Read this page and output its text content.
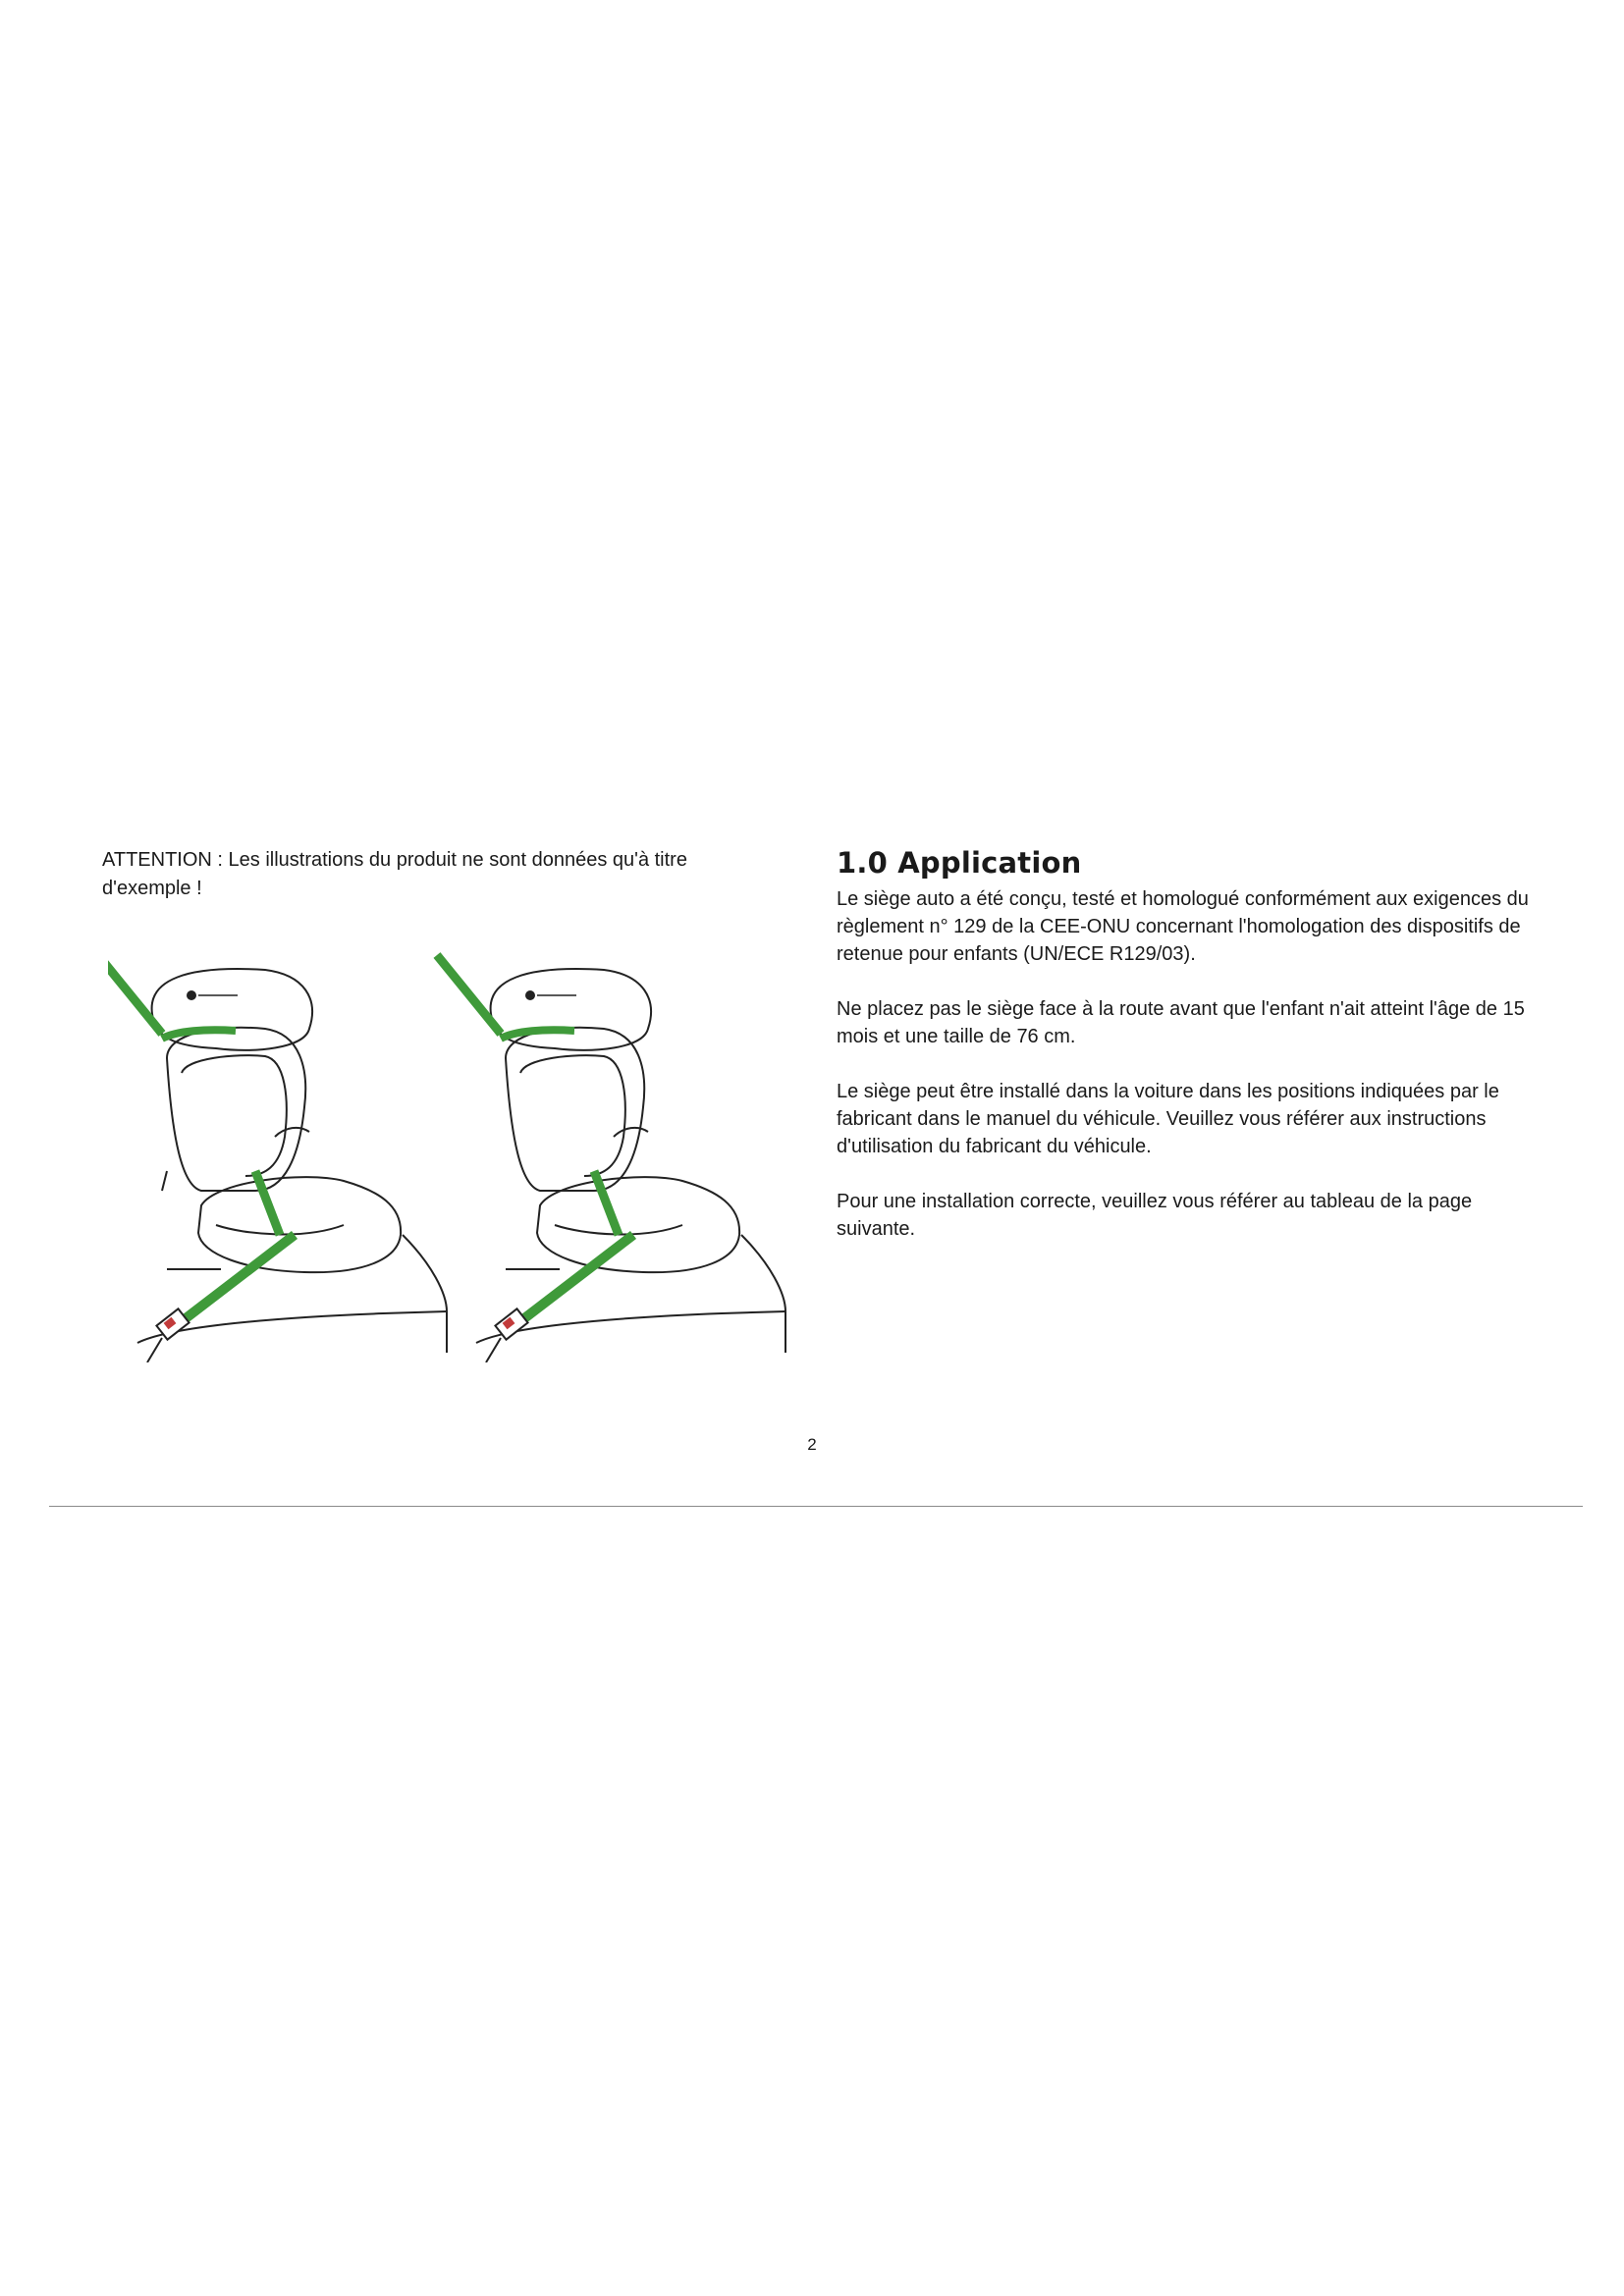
ATTENTION : Les illustrations du produit ne sont données qu'à titre d'exemple !

1.0 Application

Le siège auto a été conçu, testé et homologué conformément aux exigences du règlement n° 129 de la CEE-ONU concernant l'homologation des dispositifs de retenue pour enfants (UN/ECE R129/03).

Ne placez pas le siège face à la route avant que l'enfant n'ait atteint l'âge de 15 mois et une taille de 76 cm.

Le siège peut être installé dans la voiture dans les positions indiquées par le fabricant dans le manuel du véhicule. Veuillez vous référer aux instructions d'utilisation du fabricant du véhicule.

Pour une installation correcte, veuillez vous référer au tableau de la page suivante.

2
